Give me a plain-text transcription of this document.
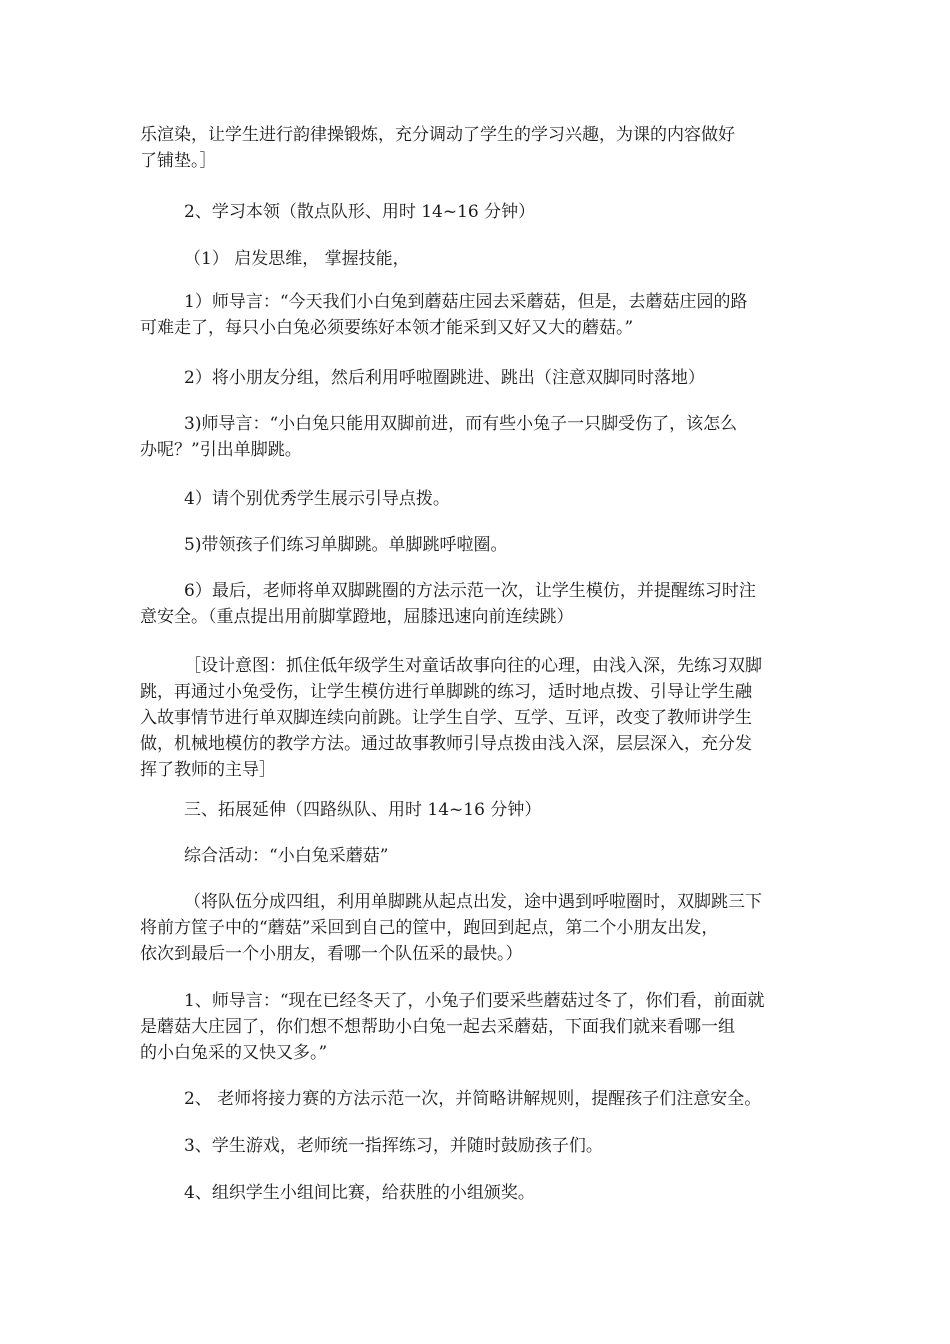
乐渲染，让学生进行韵律操锻炼，充分调动了学生的学习兴趣，为课的内容做好
了铺垫。］
2、学习本领（散点队形、用时 14~16 分钟）
（1） 启发思维， 掌握技能，
1）师导言：“今天我们小白兔到蘑菇庄园去采蘑菇，但是，去蘑菇庄园的路
可难走了，每只小白兔必须要练好本领才能采到又好又大的蘑菇。”
2）将小朋友分组，然后利用呼啦圈跳进、跳出（注意双脚同时落地）
3)师导言：“小白兔只能用双脚前进，而有些小兔子一只脚受伤了，该怎么
办呢？”引出单脚跳。
4）请个别优秀学生展示引导点拨。
5)带领孩子们练习单脚跳。单脚跳呼啦圈。
6）最后，老师将单双脚跳圈的方法示范一次，让学生模仿，并提醒练习时注
意安全。（重点提出用前脚掌蹬地，屈膝迅速向前连续跳）
［设计意图：抓住低年级学生对童话故事向往的心理，由浅入深，先练习双脚
跳，再通过小兔受伤，让学生模仿进行单脚跳的练习，适时地点拨、引导让学生融
入故事情节进行单双脚连续向前跳。让学生自学、互学、互评，改变了教师讲学生
做，机械地模仿的教学方法。通过故事教师引导点拨由浅入深，层层深入，充分发
挥了教师的主导］
三、拓展延伸（四路纵队、用时 14~16 分钟）
综合活动：“小白兔采蘑菇”
（将队伍分成四组，利用单脚跳从起点出发，途中遇到呼啦圈时，双脚跳三下
将前方筐子中的“蘑菇”采回到自己的筐中，跑回到起点，第二个小朋友出发，
依次到最后一个小朋友，看哪一个队伍采的最快。）
1、师导言：“现在已经冬天了，小兔子们要采些蘑菇过冬了，你们看，前面就
是蘑菇大庄园了，你们想不想帮助小白兔一起去采蘑菇，下面我们就来看哪一组
的小白兔采的又快又多。”
2、 老师将接力赛的方法示范一次，并简略讲解规则，提醒孩子们注意安全。
3、学生游戏，老师统一指挥练习，并随时鼓励孩子们。
4、组织学生小组间比赛，给获胜的小组颁奖。
